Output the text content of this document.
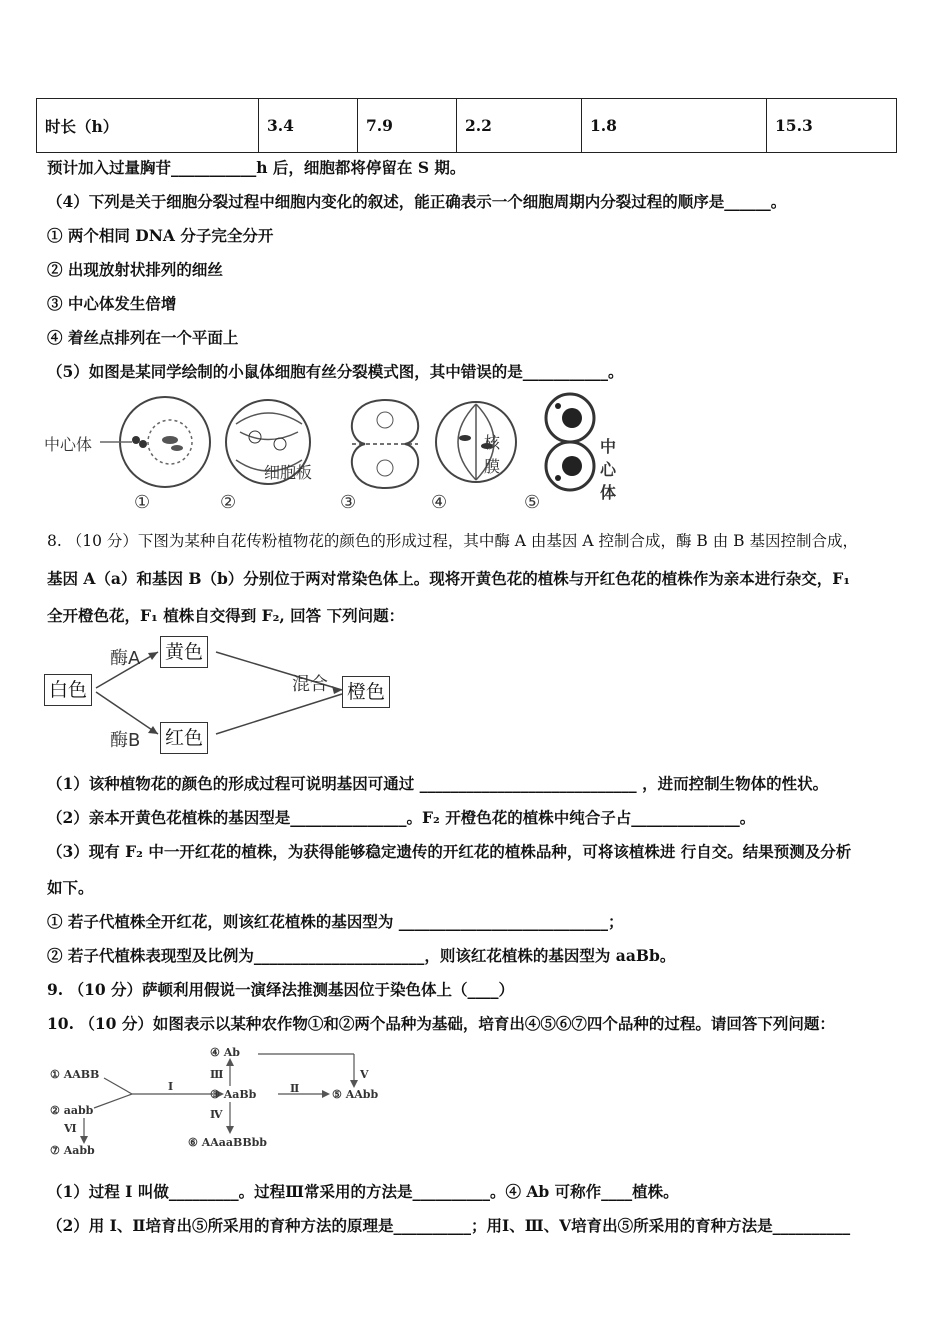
时长（h）	3.4	7.9	2.2	1.8	15.3
预计加入过量胸苷___________h 后，细胞都将停留在 S 期。
（4）下列是关于细胞分裂过程中细胞内变化的叙述，能正确表示一个细胞周期内分裂过程的顺序是______。
① 两个相同 DNA 分子完全分开
② 出现放射状排列的细丝
③ 中心体发生倍增
④ 着丝点排列在一个平面上
（5）如图是某同学绘制的小鼠体细胞有丝分裂模式图，其中错误的是___________。
中心体
细胞板
核
膜
中心体
①	②	③	④	⑤
8. （10 分）下图为某种自花传粉植物花的颜色的形成过程，其中酶 A 由基因 A 控制合成，酶 B 由 B 基因控制合成，
基因 A（a）和基因 B（b）分别位于两对常染色体上。现将开黄色花的植株与开红色花的植株作为亲本进行杂交，F₁
全开橙色花，F₁ 植株自交得到 F₂, 回答 下列问题：
白色
黄色
红色
橙色
酶A
酶B
混合
（1）该种植物花的颜色的形成过程可说明基因可通过 ____________________________ ，进而控制生物体的性状。
（2）亲本开黄色花植株的基因型是_______________。F₂ 开橙色花的植株中纯合子占______________。
（3）现有 F₂ 中一开红花的植株，为获得能够稳定遗传的开红花的植株品种，可将该植株进 行自交。结果预测及分析
如下。
① 若子代植株全开红花，则该红花植株的基因型为 ___________________________；
② 若子代植株表现型及比例为______________________，则该红花植株的基因型为 aaBb。
9. （10 分）萨顿利用假说一演绎法推测基因位于染色体上（____）
10. （10 分）如图表示以某种农作物①和②两个品种为基础，培育出④⑤⑥⑦四个品种的过程。请回答下列问题：
① AABB
② aabb
③ AaBb
④ Ab
⑤ AAbb
⑥ AAaaBBbb
⑦ Aabb
Ⅰ	Ⅱ
Ⅲ
Ⅳ
Ⅴ
Ⅵ
（1）过程 I 叫做_________。过程Ⅲ常采用的方法是__________。④ Ab 可称作____植株。
（2）用 I、Ⅱ培育出⑤所采用的育种方法的原理是__________；用Ⅰ、Ⅲ、Ⅴ培育出⑤所采用的育种方法是__________
